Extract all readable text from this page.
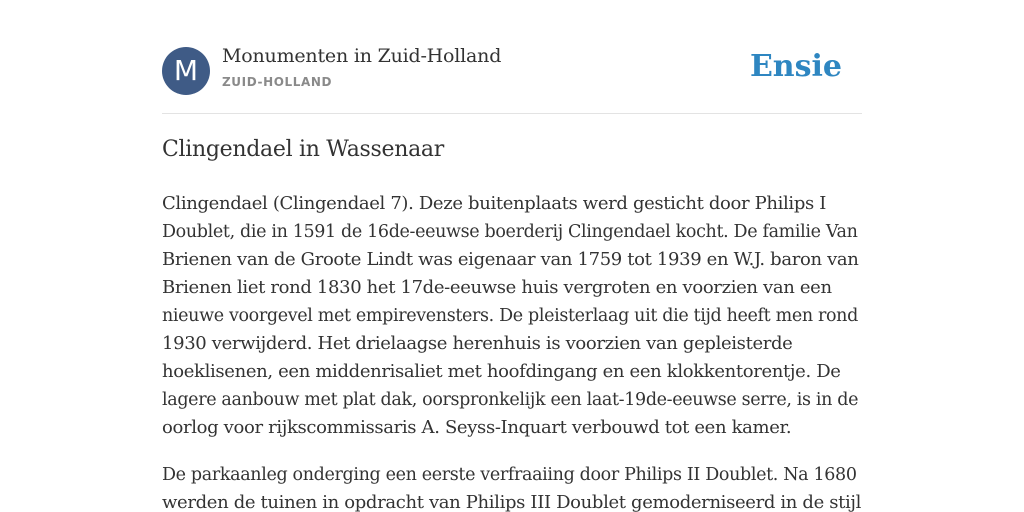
M	Monumenten in Zuid-Holland
ZUID-HOLLAND	Ensie
Clingendael in Wassenaar
Clingendael (Clingendael 7). Deze buitenplaats werd gesticht door Philips I
Doublet, die in 1591 de 16de-eeuwse boerderij Clingendael kocht. De familie Van
Brienen van de Groote Lindt was eigenaar van 1759 tot 1939 en W.J. baron van
Brienen liet rond 1830 het 17de-eeuwse huis vergroten en voorzien van een
nieuwe voorgevel met empirevensters. De pleisterlaag uit die tijd heeft men rond
1930 verwijderd. Het drielaagse herenhuis is voorzien van gepleisterde
hoeklisenen, een middenrisaliet met hoofdingang en een klokkentorentje. De
lagere aanbouw met plat dak, oorspronkelijk een laat-19de-eeuwse serre, is in de
oorlog voor rijkscommissaris A. Seyss-Inquart verbouwd tot een kamer.
De parkaanleg onderging een eerste verfraaiing door Philips II Doublet. Na 1680
werden de tuinen in opdracht van Philips III Doublet gemoderniseerd in de stijl
